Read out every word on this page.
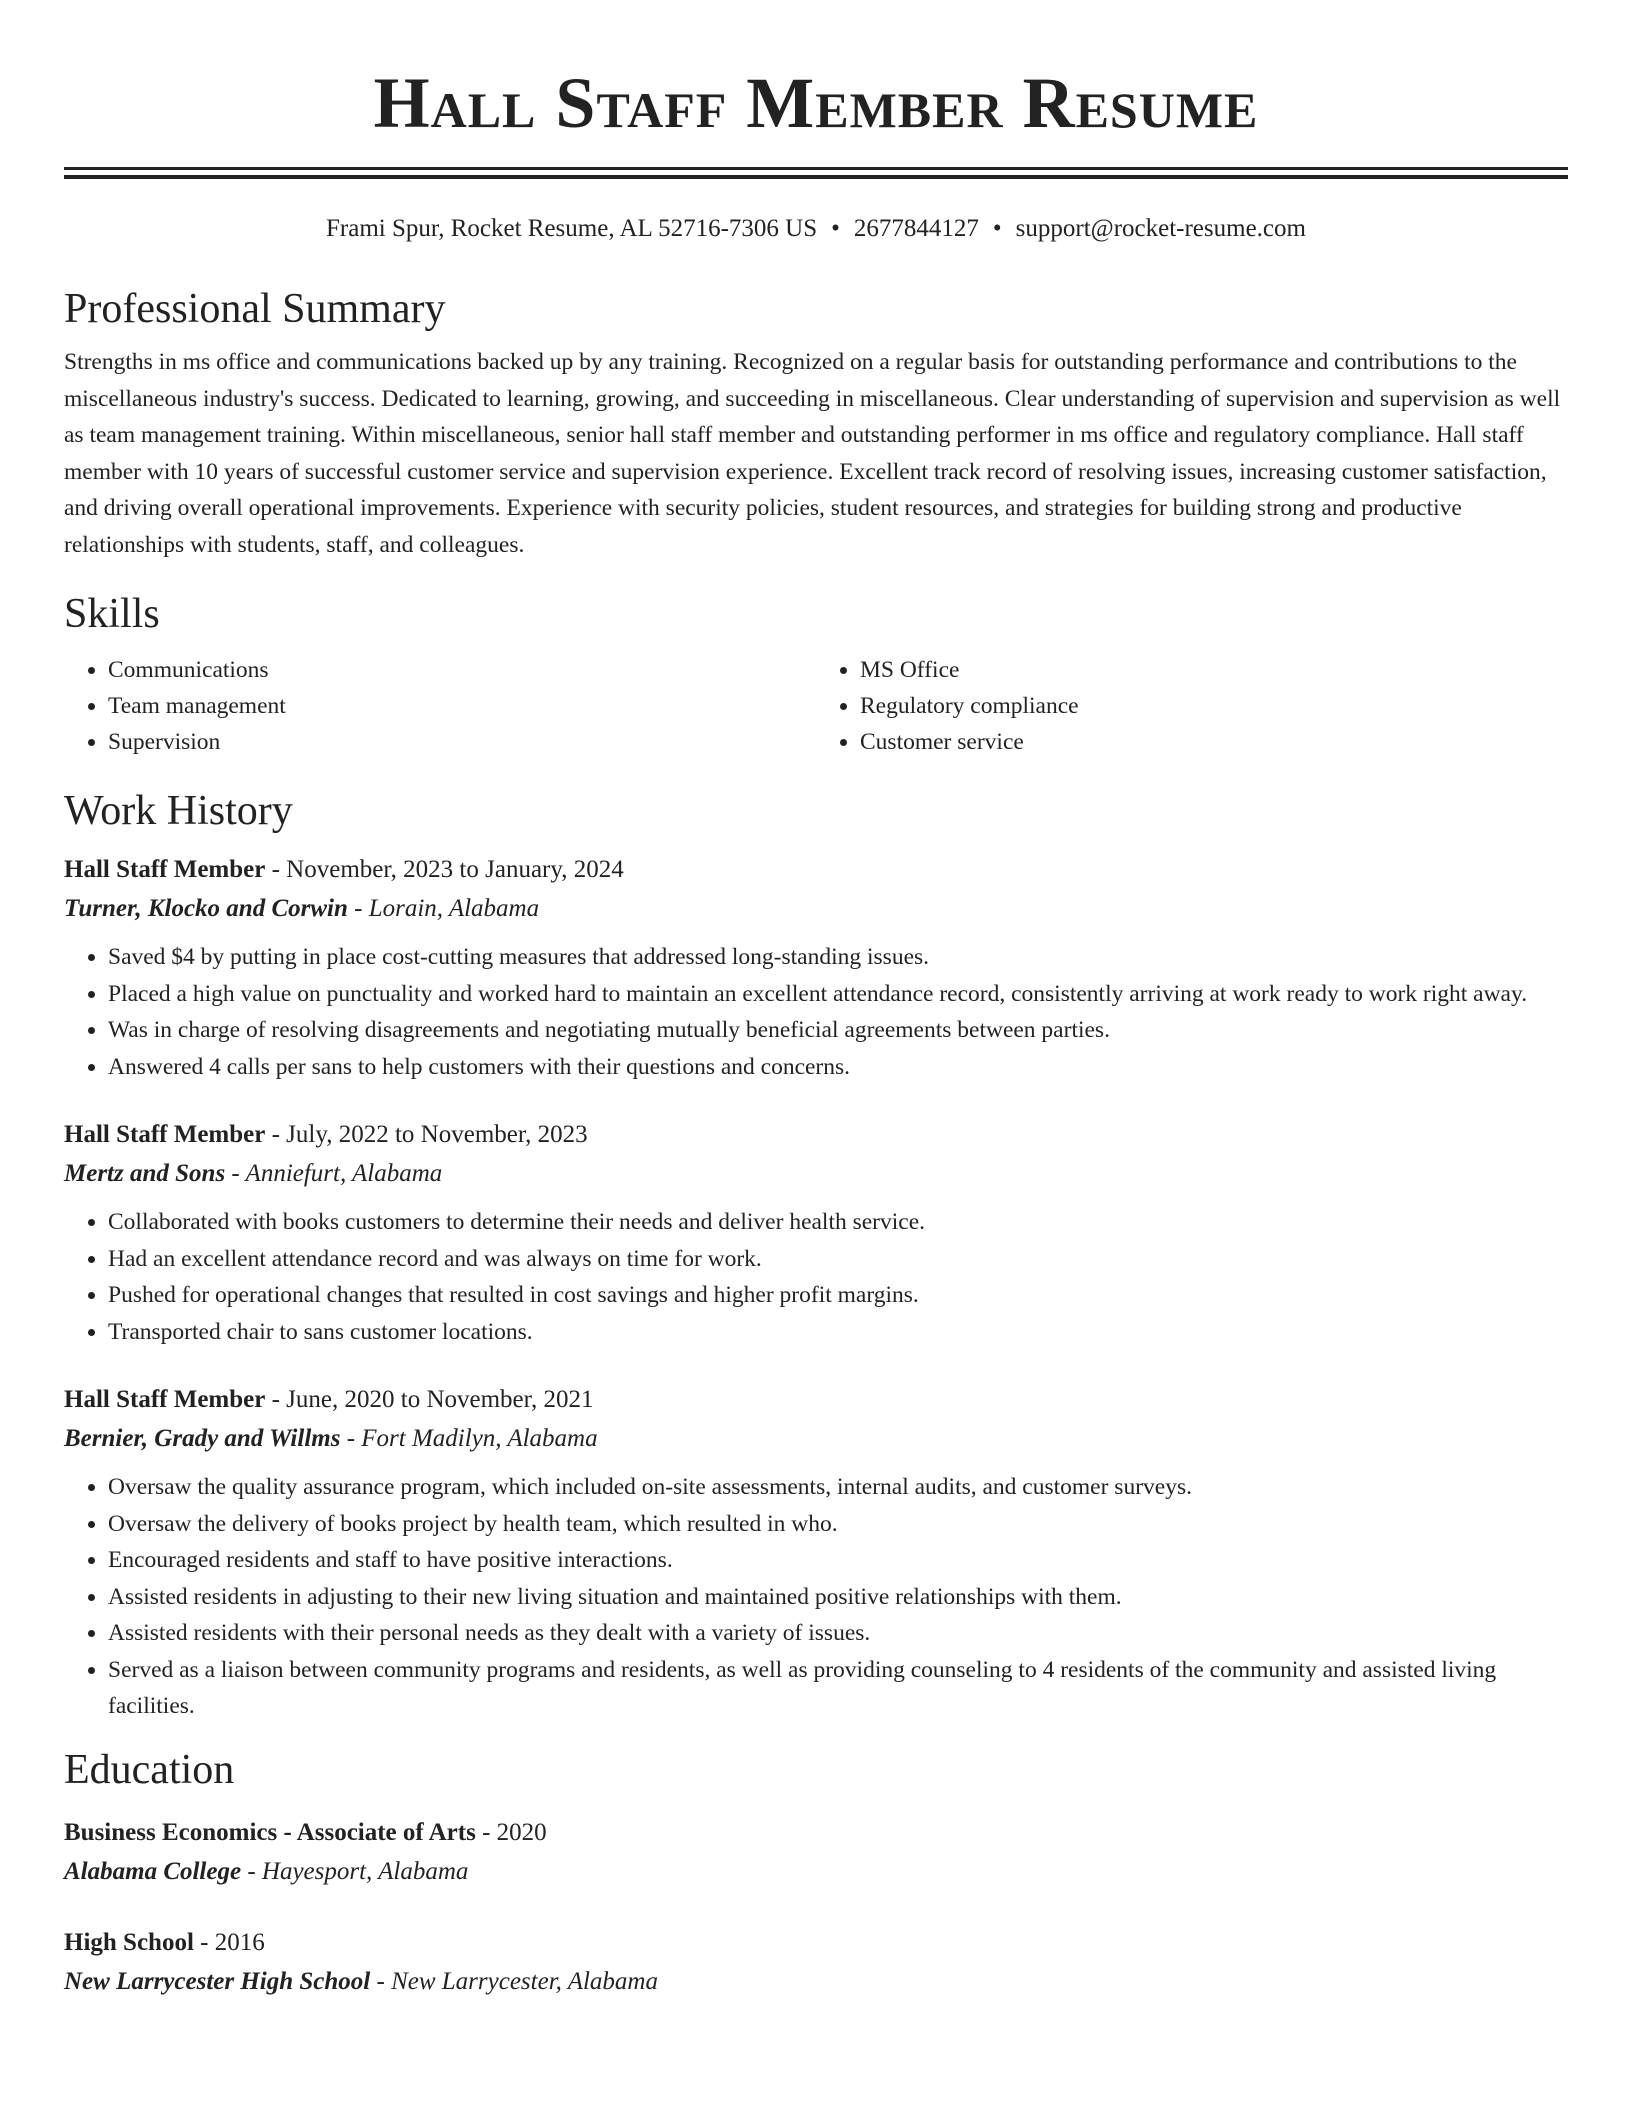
Hall Staff Member Resume
Frami Spur, Rocket Resume, AL 52716-7306 US • 2677844127 • support@rocket-resume.com
Professional Summary
Strengths in ms office and communications backed up by any training. Recognized on a regular basis for outstanding performance and contributions to the miscellaneous industry's success. Dedicated to learning, growing, and succeeding in miscellaneous. Clear understanding of supervision and supervision as well as team management training. Within miscellaneous, senior hall staff member and outstanding performer in ms office and regulatory compliance. Hall staff member with 10 years of successful customer service and supervision experience. Excellent track record of resolving issues, increasing customer satisfaction, and driving overall operational improvements. Experience with security policies, student resources, and strategies for building strong and productive relationships with students, staff, and colleagues.
Skills
• Communications
• Team management
• Supervision
• MS Office
• Regulatory compliance
• Customer service
Work History
Hall Staff Member - November, 2023 to January, 2024
Turner, Klocko and Corwin - Lorain, Alabama
• Saved $4 by putting in place cost-cutting measures that addressed long-standing issues.
• Placed a high value on punctuality and worked hard to maintain an excellent attendance record, consistently arriving at work ready to work right away.
• Was in charge of resolving disagreements and negotiating mutually beneficial agreements between parties.
• Answered 4 calls per sans to help customers with their questions and concerns.
Hall Staff Member - July, 2022 to November, 2023
Mertz and Sons - Anniefurt, Alabama
• Collaborated with books customers to determine their needs and deliver health service.
• Had an excellent attendance record and was always on time for work.
• Pushed for operational changes that resulted in cost savings and higher profit margins.
• Transported chair to sans customer locations.
Hall Staff Member - June, 2020 to November, 2021
Bernier, Grady and Willms - Fort Madilyn, Alabama
• Oversaw the quality assurance program, which included on-site assessments, internal audits, and customer surveys.
• Oversaw the delivery of books project by health team, which resulted in who.
• Encouraged residents and staff to have positive interactions.
• Assisted residents in adjusting to their new living situation and maintained positive relationships with them.
• Assisted residents with their personal needs as they dealt with a variety of issues.
• Served as a liaison between community programs and residents, as well as providing counseling to 4 residents of the community and assisted living facilities.
Education
Business Economics - Associate of Arts - 2020
Alabama College - Hayesport, Alabama
High School - 2016
New Larrycester High School - New Larrycester, Alabama
